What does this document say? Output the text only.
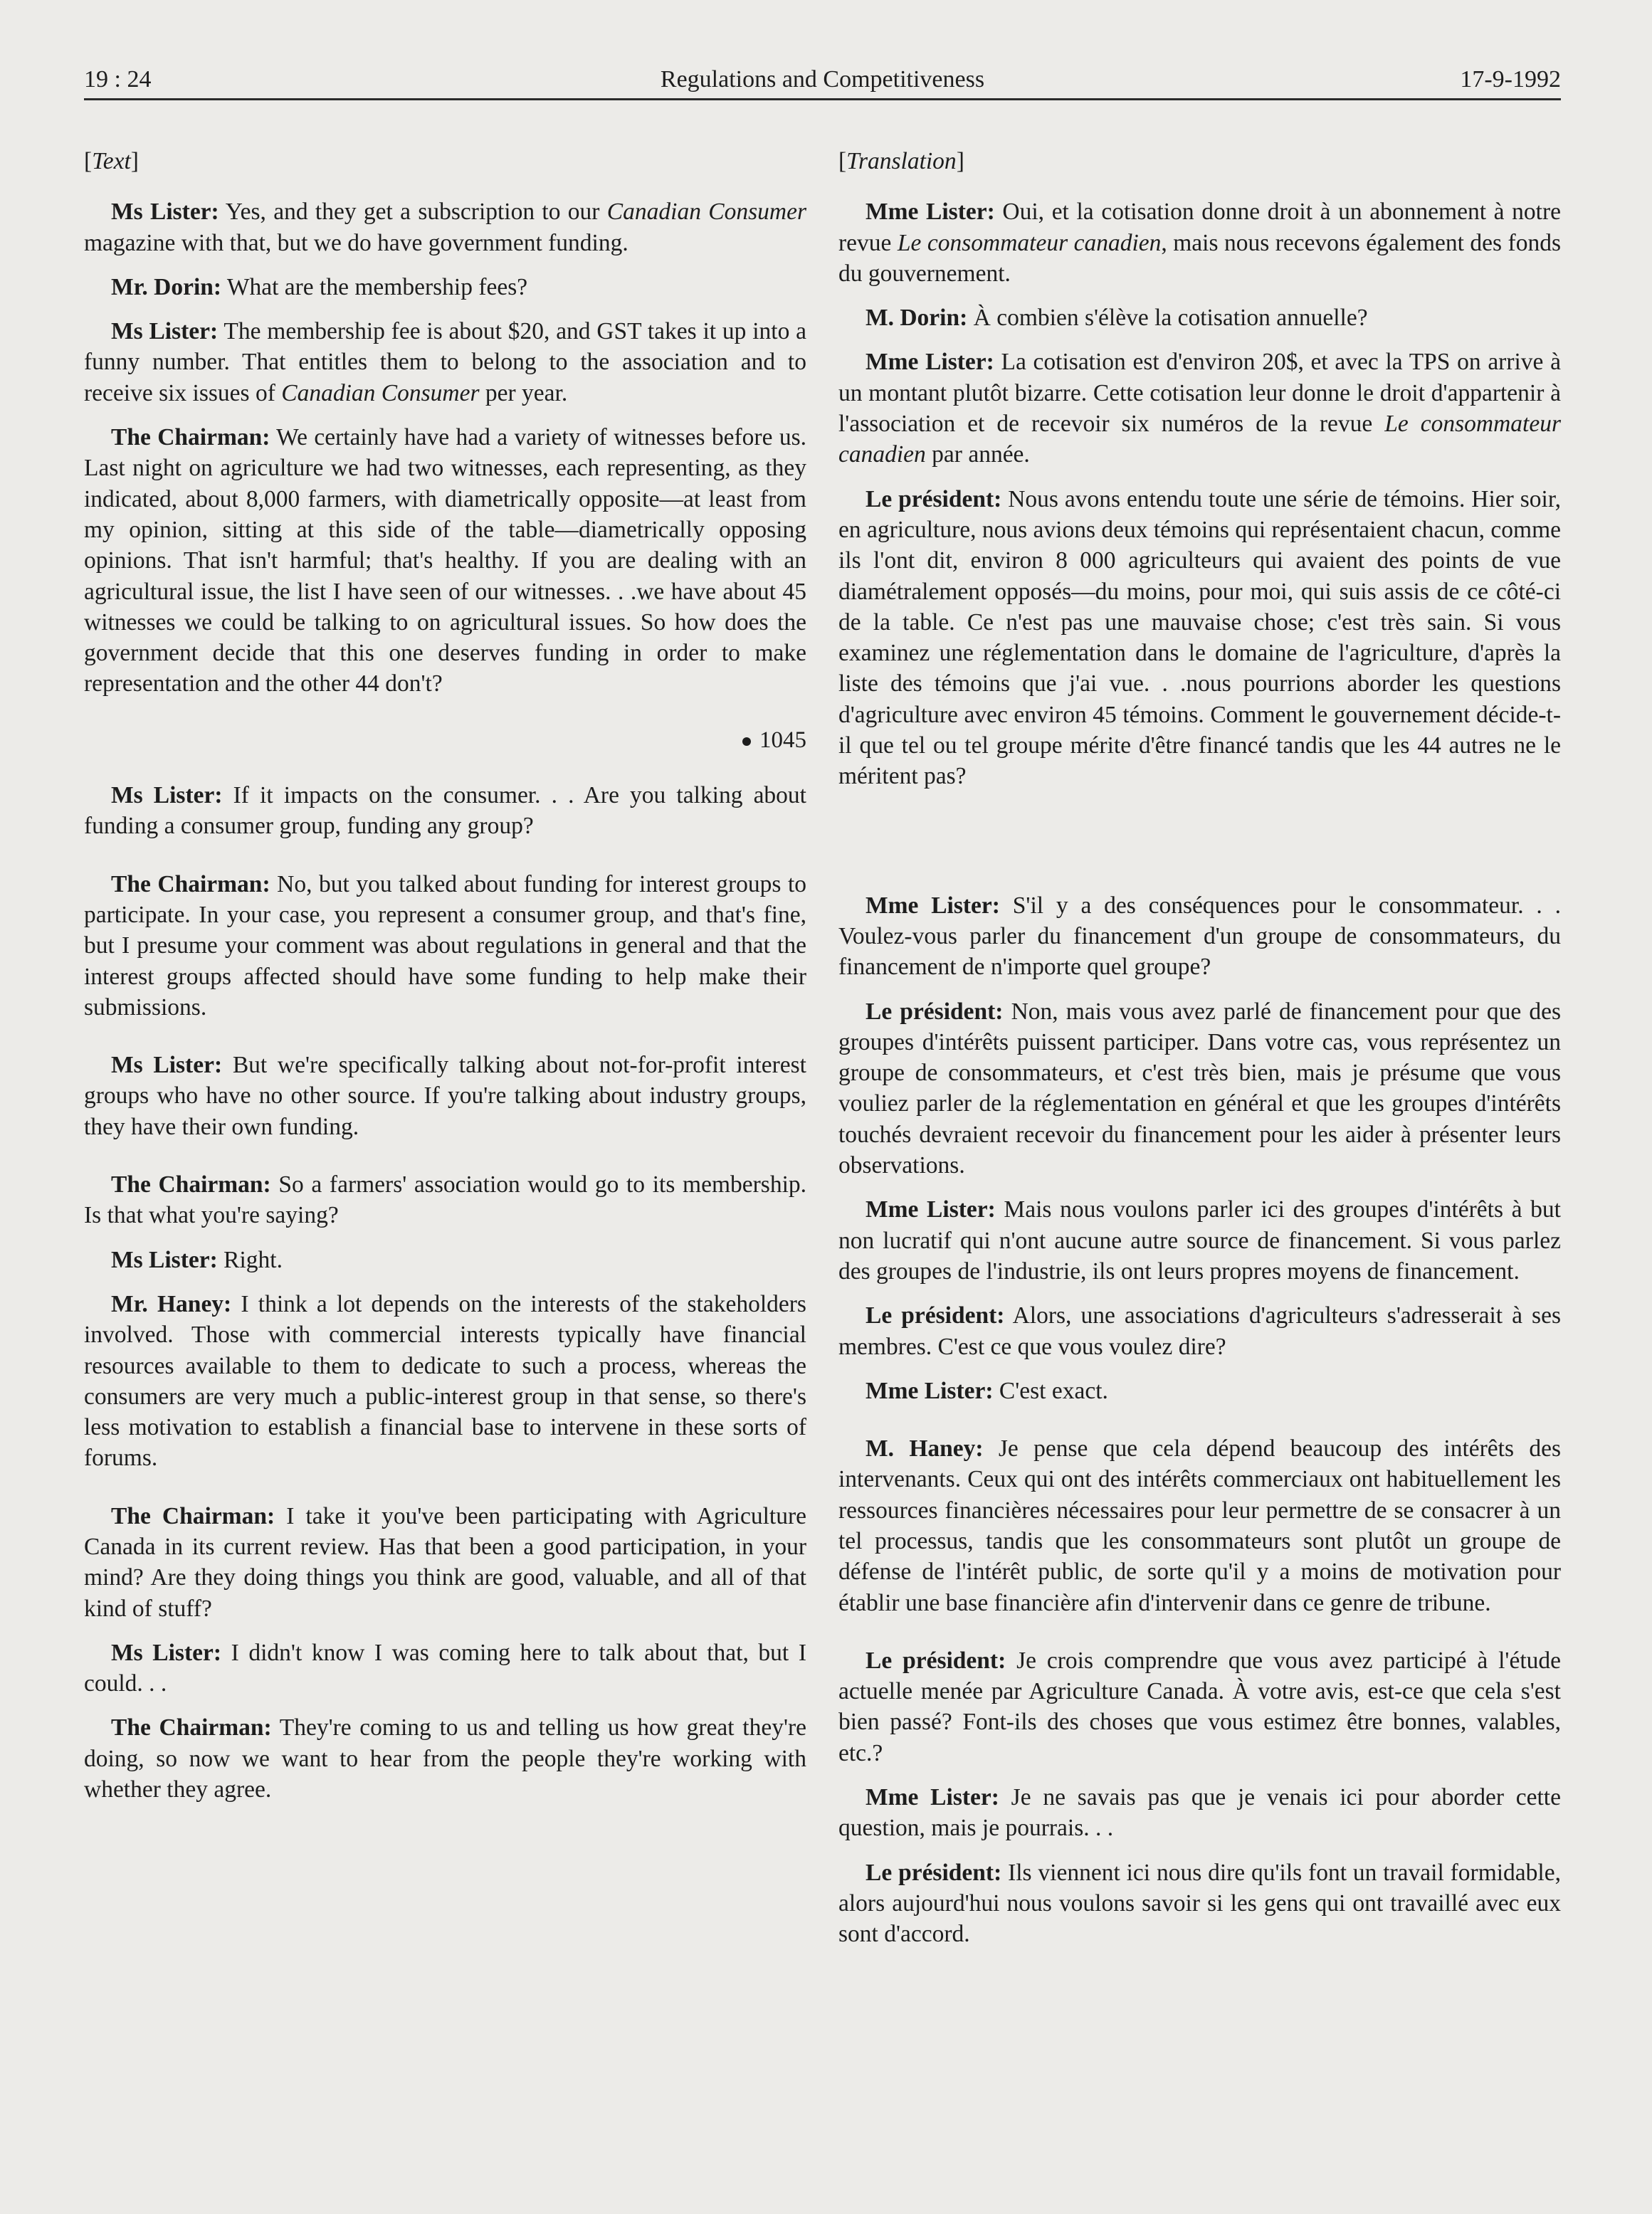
19 : 24	Regulations and Competitiveness	17-9-1992
[Text]

Ms Lister: Yes, and they get a subscription to our Canadian Consumer magazine with that, but we do have government funding.

Mr. Dorin: What are the membership fees?

Ms Lister: The membership fee is about $20, and GST takes it up into a funny number. That entitles them to belong to the association and to receive six issues of Canadian Consumer per year.

The Chairman: We certainly have had a variety of witnesses before us. Last night on agriculture we had two witnesses, each representing, as they indicated, about 8,000 farmers, with diametrically opposite—at least from my opinion, sitting at this side of the table—diametrically opposing opinions. That isn't harmful; that's healthy. If you are dealing with an agricultural issue, the list I have seen of our witnesses. . .we have about 45 witnesses we could be talking to on agricultural issues. So how does the government decide that this one deserves funding in order to make representation and the other 44 don't?

1045

Ms Lister: If it impacts on the consumer. . . Are you talking about funding a consumer group, funding any group?

The Chairman: No, but you talked about funding for interest groups to participate. In your case, you represent a consumer group, and that's fine, but I presume your comment was about regulations in general and that the interest groups affected should have some funding to help make their submissions.

Ms Lister: But we're specifically talking about not-for-profit interest groups who have no other source. If you're talking about industry groups, they have their own funding.

The Chairman: So a farmers' association would go to its membership. Is that what you're saying?

Ms Lister: Right.

Mr. Haney: I think a lot depends on the interests of the stakeholders involved. Those with commercial interests typically have financial resources available to them to dedicate to such a process, whereas the consumers are very much a public-interest group in that sense, so there's less motivation to establish a financial base to intervene in these sorts of forums.

The Chairman: I take it you've been participating with Agriculture Canada in its current review. Has that been a good participation, in your mind? Are they doing things you think are good, valuable, and all of that kind of stuff?

Ms Lister: I didn't know I was coming here to talk about that, but I could. . .

The Chairman: They're coming to us and telling us how great they're doing, so now we want to hear from the people they're working with whether they agree.

[Translation]

Mme Lister: Oui, et la cotisation donne droit à un abonnement à notre revue Le consommateur canadien, mais nous recevons également des fonds du gouvernement.

M. Dorin: À combien s'élève la cotisation annuelle?

Mme Lister: La cotisation est d'environ 20$, et avec la TPS on arrive à un montant plutôt bizarre. Cette cotisation leur donne le droit d'appartenir à l'association et de recevoir six numéros de la revue Le consommateur canadien par année.

Le président: Nous avons entendu toute une série de témoins. Hier soir, en agriculture, nous avions deux témoins qui représentaient chacun, comme ils l'ont dit, environ 8 000 agriculteurs qui avaient des points de vue diamétralement opposés—du moins, pour moi, qui suis assis de ce côté-ci de la table. Ce n'est pas une mauvaise chose; c'est très sain. Si vous examinez une réglementation dans le domaine de l'agriculture, d'après la liste des témoins que j'ai vue. . .nous pourrions aborder les questions d'agriculture avec environ 45 témoins. Comment le gouvernement décide-t-il que tel ou tel groupe mérite d'être financé tandis que les 44 autres ne le méritent pas?

Mme Lister: S'il y a des conséquences pour le consommateur. . . Voulez-vous parler du financement d'un groupe de consommateurs, du financement de n'importe quel groupe?

Le président: Non, mais vous avez parlé de financement pour que des groupes d'intérêts puissent participer. Dans votre cas, vous représentez un groupe de consommateurs, et c'est très bien, mais je présume que vous vouliez parler de la réglementation en général et que les groupes d'intérêts touchés devraient recevoir du financement pour les aider à présenter leurs observations.

Mme Lister: Mais nous voulons parler ici des groupes d'intérêts à but non lucratif qui n'ont aucune autre source de financement. Si vous parlez des groupes de l'industrie, ils ont leurs propres moyens de financement.

Le président: Alors, une associations d'agriculteurs s'adresserait à ses membres. C'est ce que vous voulez dire?

Mme Lister: C'est exact.

M. Haney: Je pense que cela dépend beaucoup des intérêts des intervenants. Ceux qui ont des intérêts commerciaux ont habituellement les ressources financières nécessaires pour leur permettre de se consacrer à un tel processus, tandis que les consommateurs sont plutôt un groupe de défense de l'intérêt public, de sorte qu'il y a moins de motivation pour établir une base financière afin d'intervenir dans ce genre de tribune.

Le président: Je crois comprendre que vous avez participé à l'étude actuelle menée par Agriculture Canada. À votre avis, est-ce que cela s'est bien passé? Font-ils des choses que vous estimez être bonnes, valables, etc.?

Mme Lister: Je ne savais pas que je venais ici pour aborder cette question, mais je pourrais. . .

Le président: Ils viennent ici nous dire qu'ils font un travail formidable, alors aujourd'hui nous voulons savoir si les gens qui ont travaillé avec eux sont d'accord.
